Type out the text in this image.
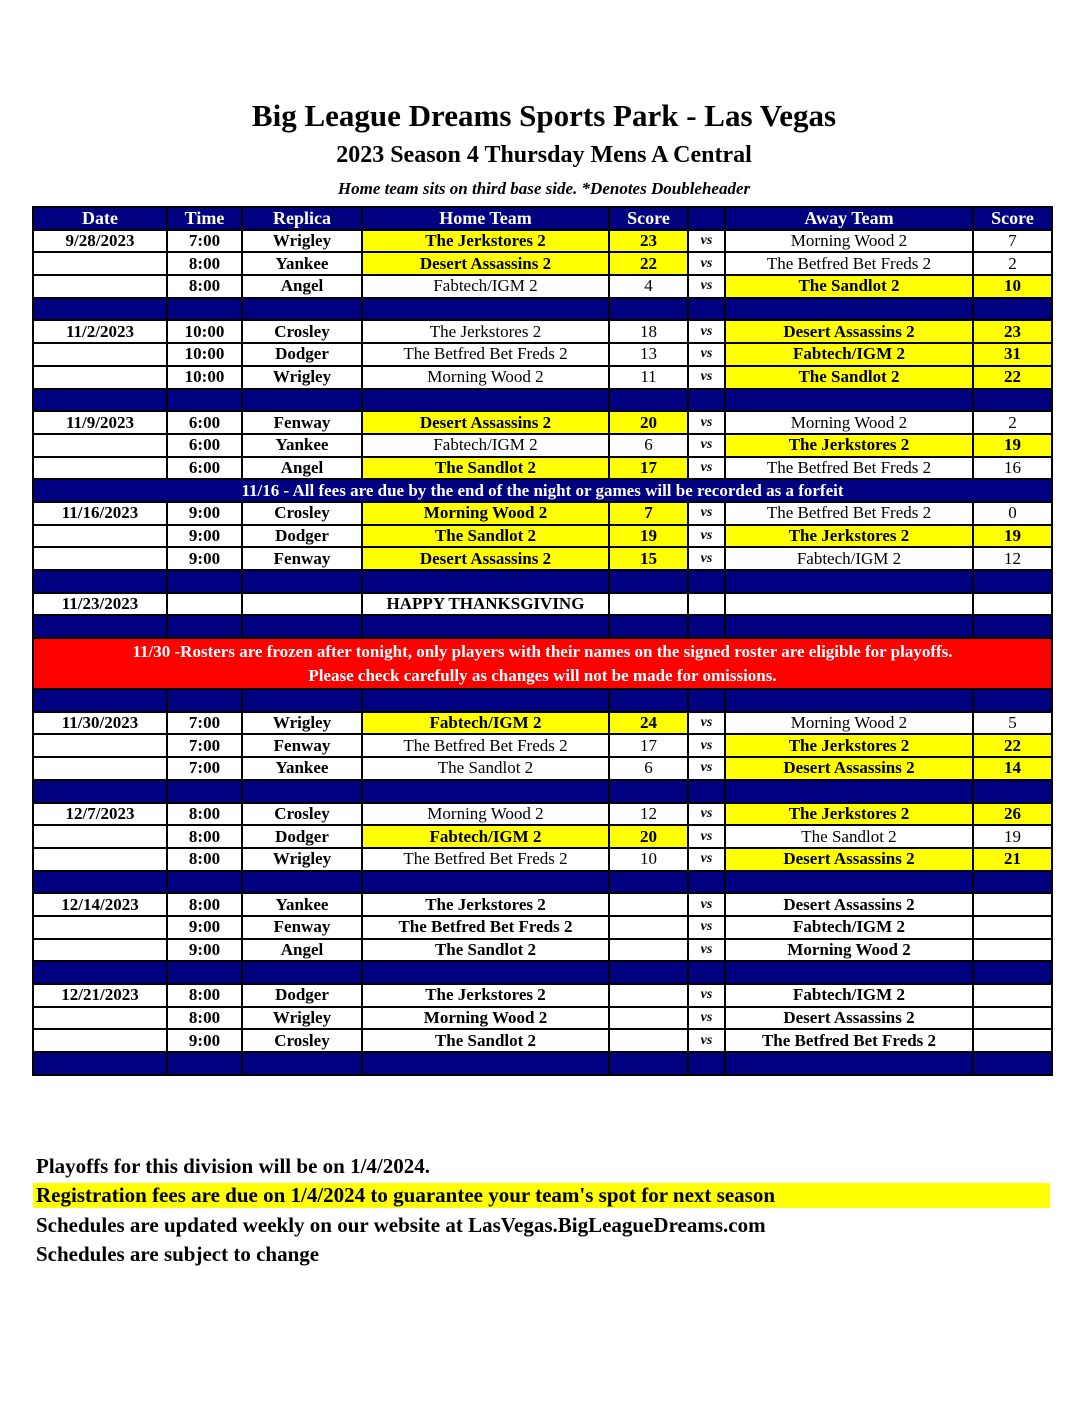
Big League Dreams Sports Park - Las Vegas
2023 Season 4 Thursday Mens A Central
Home team sits on third base side. *Denotes Doubleheader
Date	Time	Replica	Home Team	Score		Away Team	Score
9/28/2023	7:00	Wrigley	The Jerkstores 2	23	vs	Morning Wood 2	7
	8:00	Yankee	Desert Assassins 2	22	vs	The Betfred Bet Freds 2	2
	8:00	Angel	Fabtech/IGM 2	4	vs	The Sandlot 2	10

11/2/2023	10:00	Crosley	The Jerkstores 2	18	vs	Desert Assassins 2	23
	10:00	Dodger	The Betfred Bet Freds 2	13	vs	Fabtech/IGM 2	31
	10:00	Wrigley	Morning Wood 2	11	vs	The Sandlot 2	22

11/9/2023	6:00	Fenway	Desert Assassins 2	20	vs	Morning Wood 2	2
	6:00	Yankee	Fabtech/IGM 2	6	vs	The Jerkstores 2	19
	6:00	Angel	The Sandlot 2	17	vs	The Betfred Bet Freds 2	16
11/16 - All fees are due by the end of the night or games will be recorded as a forfeit							
11/16/2023	9:00	Crosley	Morning Wood 2	7	vs	The Betfred Bet Freds 2	0
	9:00	Dodger	The Sandlot 2	19	vs	The Jerkstores 2	19
	9:00	Fenway	Desert Assassins 2	15	vs	Fabtech/IGM 2	12

11/23/2023			HAPPY THANKSGIVING				

11/30 -Rosters are frozen after tonight, only players with their names on the signed roster are eligible for playoffs.
Please check carefully as changes will not be made for omissions.							

11/30/2023	7:00	Wrigley	Fabtech/IGM 2	24	vs	Morning Wood 2	5
	7:00	Fenway	The Betfred Bet Freds 2	17	vs	The Jerkstores 2	22
	7:00	Yankee	The Sandlot 2	6	vs	Desert Assassins 2	14

12/7/2023	8:00	Crosley	Morning Wood 2	12	vs	The Jerkstores 2	26
	8:00	Dodger	Fabtech/IGM 2	20	vs	The Sandlot 2	19
	8:00	Wrigley	The Betfred Bet Freds 2	10	vs	Desert Assassins 2	21

12/14/2023	8:00	Yankee	The Jerkstores 2		vs	Desert Assassins 2	
	9:00	Fenway	The Betfred Bet Freds 2		vs	Fabtech/IGM 2	
	9:00	Angel	The Sandlot 2		vs	Morning Wood 2	

12/21/2023	8:00	Dodger	The Jerkstores 2		vs	Fabtech/IGM 2	
	8:00	Wrigley	Morning Wood 2		vs	Desert Assassins 2	
	9:00	Crosley	The Sandlot 2		vs	The Betfred Bet Freds 2	

Playoffs for this division will be on 1/4/2024.
Registration fees are due on 1/4/2024 to guarantee your team's spot for next season
Schedules are updated weekly on our website at LasVegas.BigLeagueDreams.com
Schedules are subject to change
